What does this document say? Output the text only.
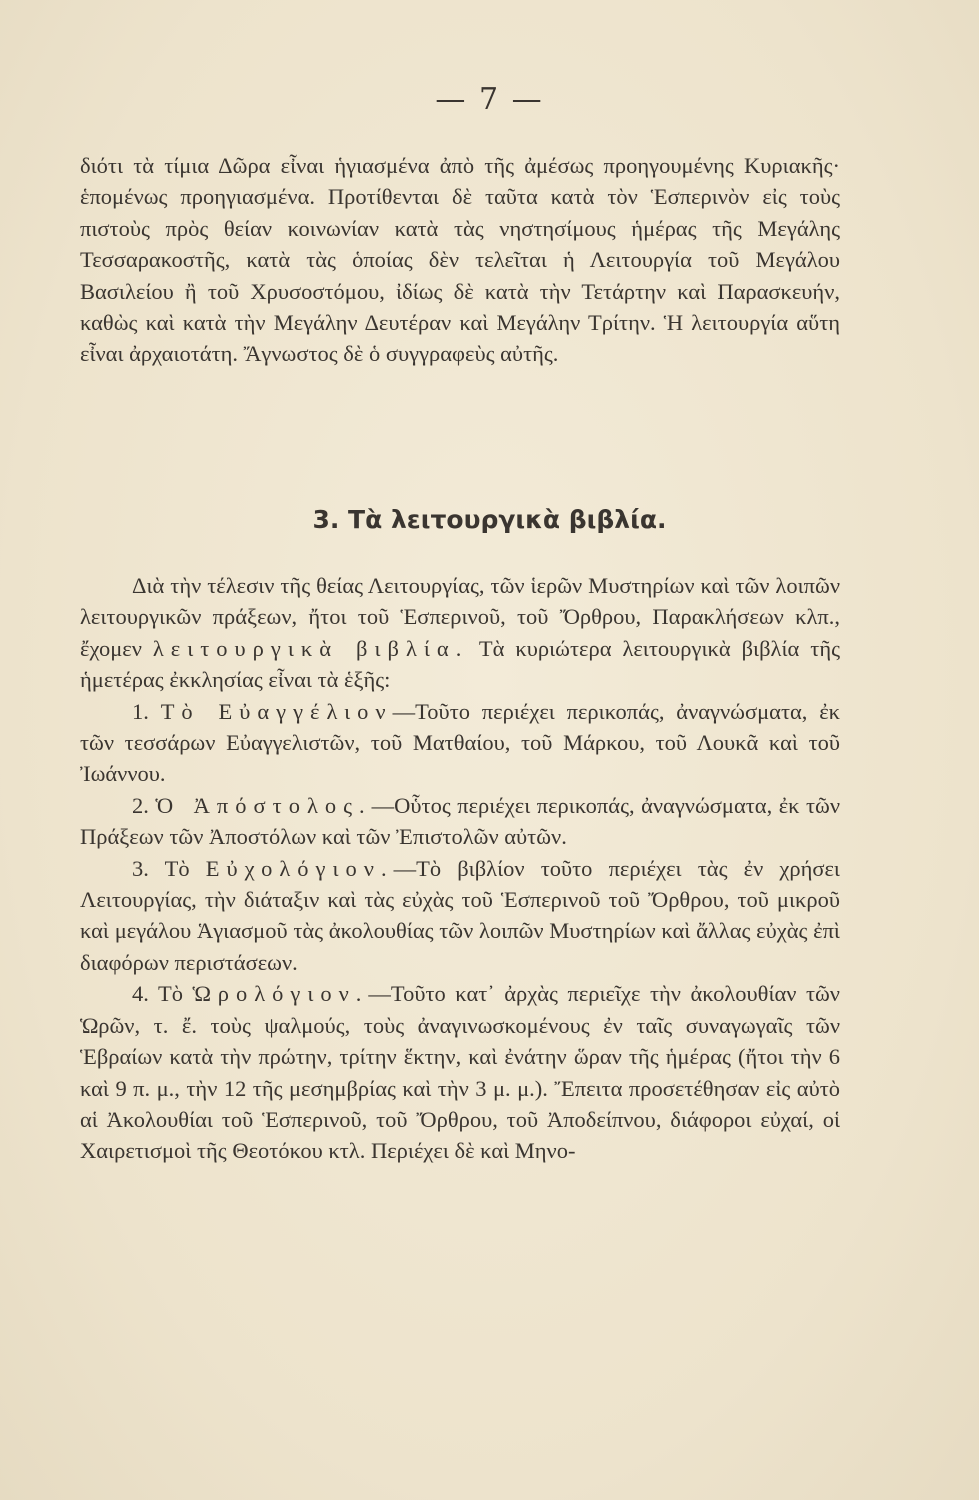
— 7 —

διότι τὰ τίμια Δῶρα εἶναι ἡγιασμένα ἀπὸ τῆς ἀμέσως προηγουμένης Κυριακῆς· ἑπομένως προηγιασμένα. Προτίθενται δὲ ταῦτα κατὰ τὸν Ἑσπερινὸν εἰς τοὺς πιστοὺς πρὸς θείαν κοινωνίαν κατὰ τὰς νηστησίμους ἡμέρας τῆς Μεγάλης Τεσσαρακοστῆς, κατὰ τὰς ὁποίας δὲν τελεῖται ἡ Λειτουργία τοῦ Μεγάλου Βασιλείου ἢ τοῦ Χρυσοστόμου, ἰδίως δὲ κατὰ τὴν Τετάρτην καὶ Παρασκευήν, καθὼς καὶ κατὰ τὴν Μεγάλην Δευτέραν καὶ Μεγάλην Τρίτην. Ἡ λειτουργία αὕτη εἶναι ἀρχαιοτάτη. Ἄγνωστος δὲ ὁ συγγραφεὺς αὐτῆς.

3. Τὰ λειτουργικὰ βιβλία.

Διὰ τὴν τέλεσιν τῆς θείας Λειτουργίας, τῶν ἱερῶν Μυστηρίων καὶ τῶν λοιπῶν λειτουργικῶν πράξεων, ἤτοι τοῦ Ἑσπερινοῦ, τοῦ Ὄρθρου, Παρακλήσεων κλπ., ἔχομεν λειτουργικὰ βιβλία. Τὰ κυριώτερα λειτουργικὰ βιβλία τῆς ἡμετέρας ἐκκλησίας εἶναι τὰ ἑξῆς:

1. Τὸ Εὐαγγέλιον—Τοῦτο περιέχει περικοπάς, ἀναγνώσματα, ἐκ τῶν τεσσάρων Εὐαγγελιστῶν, τοῦ Ματθαίου, τοῦ Μάρκου, τοῦ Λουκᾶ καὶ τοῦ Ἰωάννου.

2. Ὁ Ἀπόστολος.—Οὗτος περιέχει περικοπάς, ἀναγνώσματα, ἐκ τῶν Πράξεων τῶν Ἀποστόλων καὶ τῶν Ἐπιστολῶν αὐτῶν.

3. Τὸ Εὐχολόγιον.—Τὸ βιβλίον τοῦτο περιέχει τὰς ἐν χρήσει Λειτουργίας, τὴν διάταξιν καὶ τὰς εὐχὰς τοῦ Ἑσπερινοῦ τοῦ Ὄρθρου, τοῦ μικροῦ καὶ μεγάλου Ἁγιασμοῦ τὰς ἀκολουθίας τῶν λοιπῶν Μυστηρίων καὶ ἄλλας εὐχὰς ἐπὶ διαφόρων περιστάσεων.

4. Τὸ Ὡρολόγιον.—Τοῦτο κατ᾿ ἀρχὰς περιεῖχε τὴν ἀκολουθίαν τῶν Ὡρῶν, τ. ἔ. τοὺς ψαλμούς, τοὺς ἀναγινωσκομένους ἐν ταῖς συναγωγαῖς τῶν Ἑβραίων κατὰ τὴν πρώτην, τρίτην ἕκτην, καὶ ἐνάτην ὥραν τῆς ἡμέρας (ἤτοι τὴν 6 καὶ 9 π. μ., τὴν 12 τῆς μεσημβρίας καὶ τὴν 3 μ. μ.). Ἔπειτα προσετέθησαν εἰς αὐτὸ αἱ Ἀκολουθίαι τοῦ Ἑσπερινοῦ, τοῦ Ὄρθρου, τοῦ Ἀποδείπνου, διάφοροι εὐχαί, οἱ Χαιρετισμοὶ τῆς Θεοτόκου κτλ. Περιέχει δὲ καὶ Μηνο-
